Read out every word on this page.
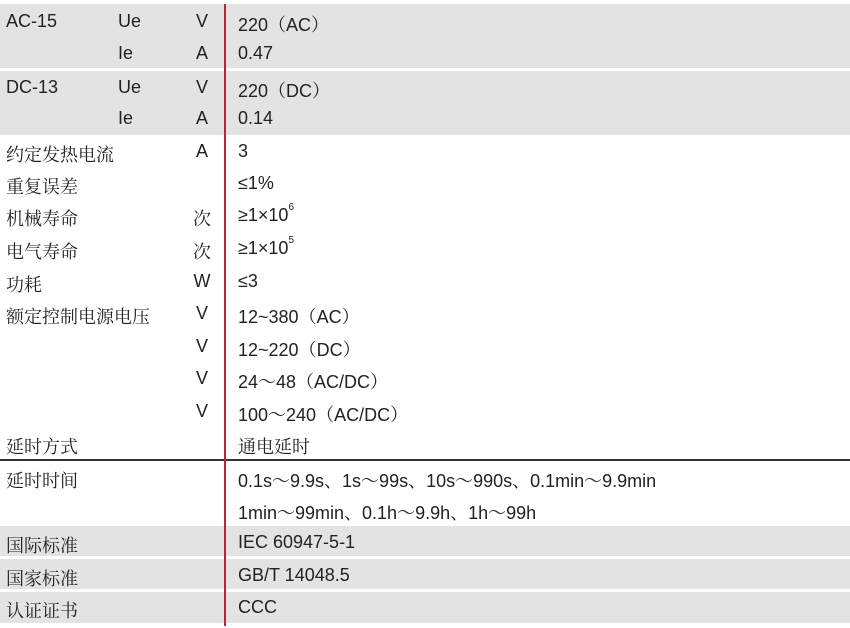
AC-15	Ue	V 220（AC）
Ie	A 0.47
DC-13	Ue	V 220（DC）
Ie	A 0.14
约定发热电流	A 3
重复误差	≤1%
机械寿命	次 $\ge 1\times 10^6$
电气寿命	次 $\ge 1\times 10^5$
功耗	W ≤3
额定控制电源电压	V 12~380（AC）
V 12~220（DC）
V 24～48（AC/DC）
V 100～240（AC/DC）
延时方式	通电延时
延时时间	0.1s～9.9s、1s～99s、10s～990s、0.1min～9.9min
1min～99min、0.1h～9.9h、1h～99h
国际标准	IEC 60947-5-1
国家标准	GB/T 14048.5
认证证书	CCC
